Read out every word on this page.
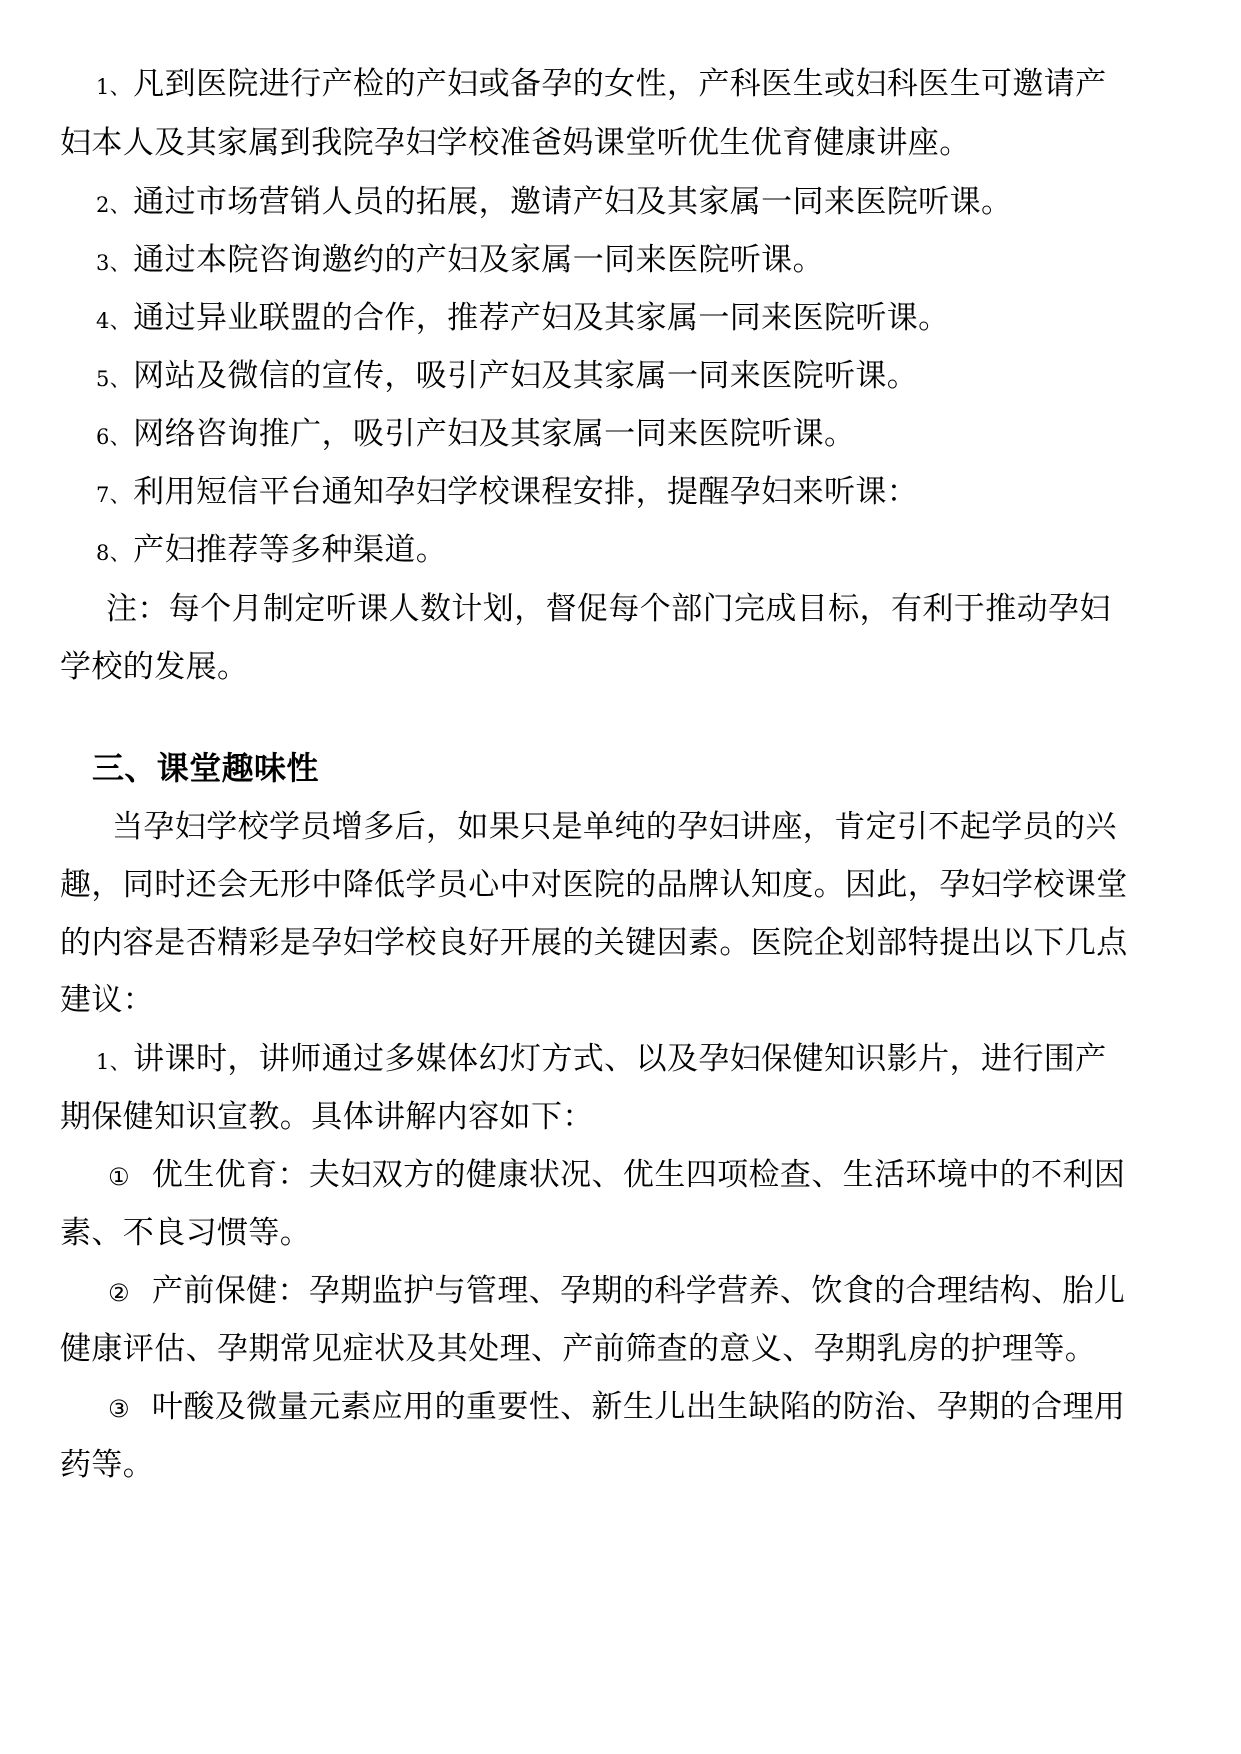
1、凡到医院进行产检的产妇或备孕的女性，产科医生或妇科医生可邀请产
妇本人及其家属到我院孕妇学校准爸妈课堂听优生优育健康讲座。
2、通过市场营销人员的拓展，邀请产妇及其家属一同来医院听课。
3、通过本院咨询邀约的产妇及家属一同来医院听课。
4、通过异业联盟的合作，推荐产妇及其家属一同来医院听课。
5、网站及微信的宣传，吸引产妇及其家属一同来医院听课。
6、网络咨询推广，吸引产妇及其家属一同来医院听课。
7、利用短信平台通知孕妇学校课程安排，提醒孕妇来听课：
8、产妇推荐等多种渠道。
注：每个月制定听课人数计划，督促每个部门完成目标，有利于推动孕妇
学校的发展。
三、课堂趣味性
当孕妇学校学员增多后，如果只是单纯的孕妇讲座，肯定引不起学员的兴
趣，同时还会无形中降低学员心中对医院的品牌认知度。因此，孕妇学校课堂
的内容是否精彩是孕妇学校良好开展的关键因素。医院企划部特提出以下几点
建议：
1、讲课时，讲师通过多媒体幻灯方式、以及孕妇保健知识影片，进行围产
期保健知识宣教。具体讲解内容如下：
① 优生优育：夫妇双方的健康状况、优生四项检查、生活环境中的不利因
素、不良习惯等。
② 产前保健：孕期监护与管理、孕期的科学营养、饮食的合理结构、胎儿
健康评估、孕期常见症状及其处理、产前筛查的意义、孕期乳房的护理等。
③ 叶酸及微量元素应用的重要性、新生儿出生缺陷的防治、孕期的合理用
药等。
